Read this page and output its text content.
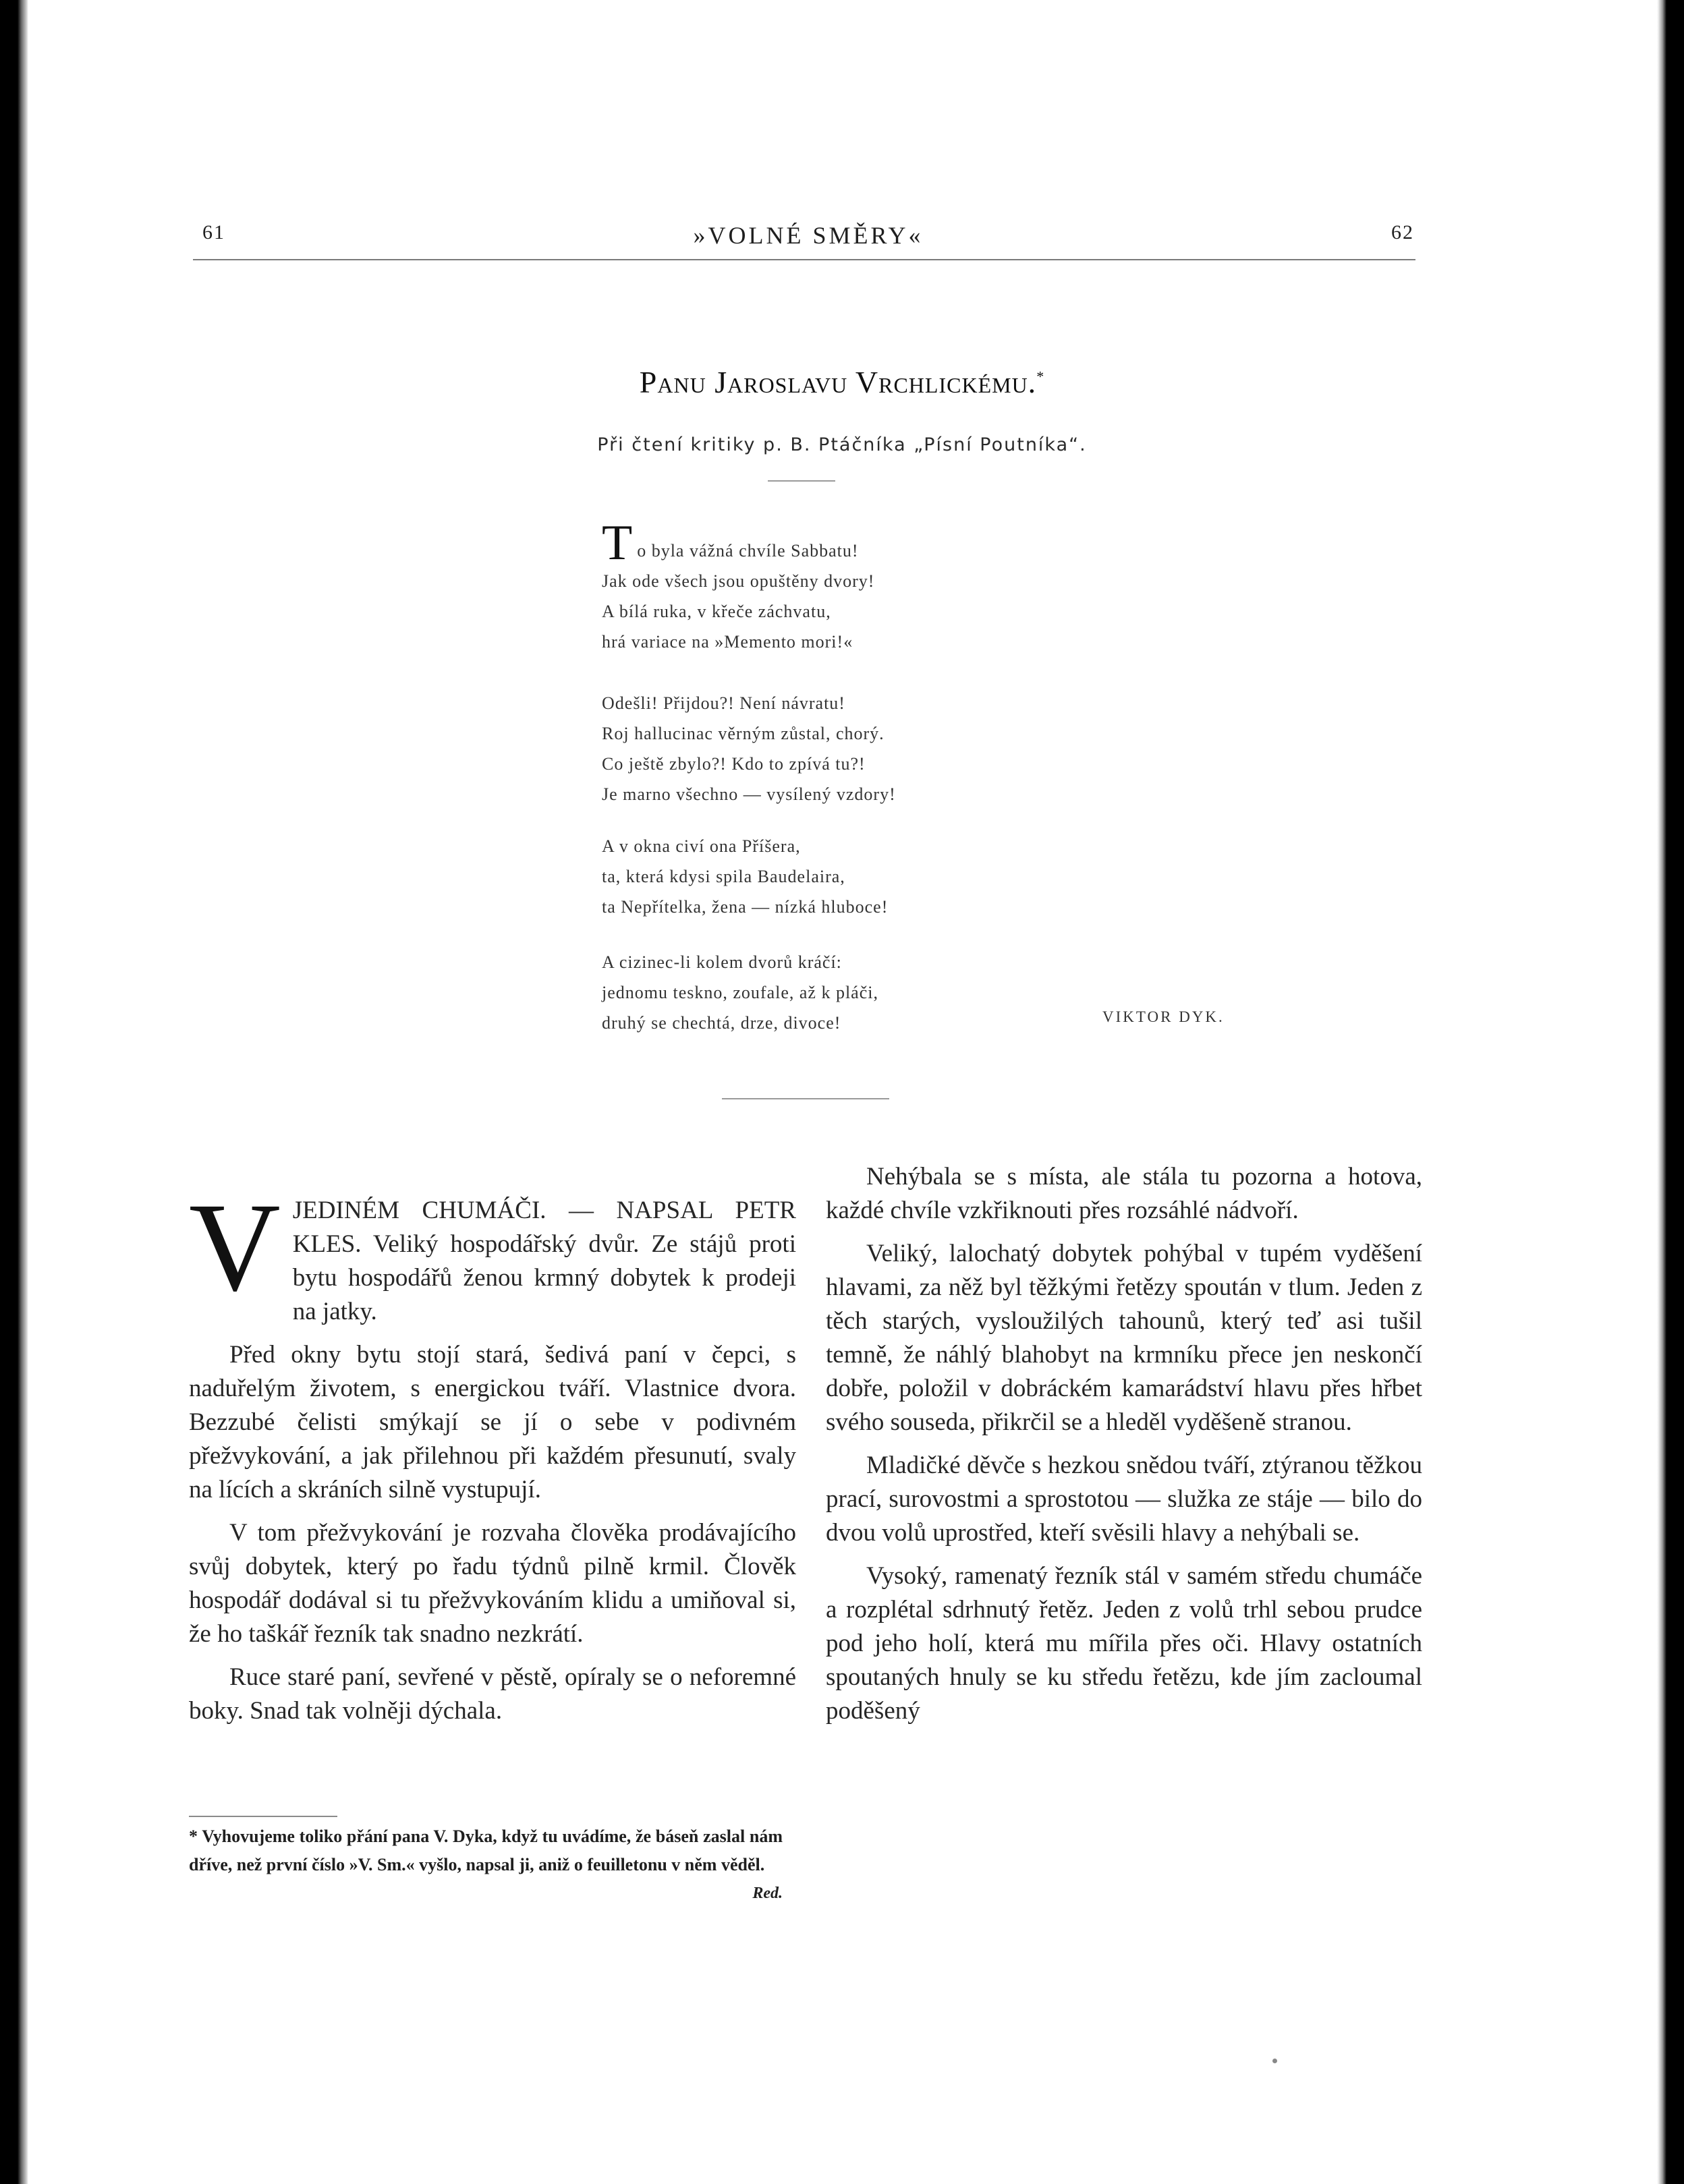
61	»VOLNÉ SMĚRY«	62
Panu Jaroslavu Vrchlickému.*
Při čtení kritiky p. B. Ptáčníka „Písní Poutníka“.
To byla vážná chvíle Sabbatu!
Jak ode všech jsou opuštěny dvory!
A bílá ruka, v křeče záchvatu,
hrá variace na »Memento mori!«
Odešli! Přijdou?! Není návratu!
Roj hallucinac věrným zůstal, chorý.
Co ještě zbylo?! Kdo to zpívá tu?!
Je marno všechno — vysílený vzdory!
A v okna civí ona Příšera,
ta, která kdysi spila Baudelaira,
ta Nepřítelka, žena — nízká hluboce!
A cizinec-li kolem dvorů kráčí:
jednomu teskno, zoufale, až k pláči,
druhý se chechtá, drze, divoce!	VIKTOR DYK.

VJEDINÉM CHUMÁČI. — NAPSAL PETR KLES. Veliký hospodářský dvůr. Ze stájů proti bytu hospodářů ženou krmný dobytek k prodeji na jatky.

Před okny bytu stojí stará, šedivá paní v čepci, s naduřelým životem, s energickou tváří. Vlastnice dvora. Bezzubé čelisti smýkají se jí o sebe v podivném přežvykování, a jak přilehnou při každém přesunutí, svaly na lících a skráních silně vystupují.

V tom přežvykování je rozvaha člověka prodávajícího svůj dobytek, který po řadu týdnů pilně krmil. Člověk hospodář dodával si tu přežvykováním klidu a umiňoval si, že ho taškář řezník tak snadno nezkrátí.

Ruce staré paní, sevřené v pěstě, opíraly se o neforemné boky. Snad tak volněji dýchala.

Nehýbala se s místa, ale stála tu pozorna a hotova, každé chvíle vzkřiknouti přes rozsáhlé nádvoří.

Veliký, lalochatý dobytek pohýbal v tupém vyděšení hlavami, za něž byl těžkými řetězy spoután v tlum. Jeden z těch starých, vysloužilých tahounů, který teď asi tušil temně, že náhlý blahobyt na krmníku přece jen neskončí dobře, položil v dobráckém kamarádství hlavu přes hřbet svého souseda, přikrčil se a hleděl vyděšeně stranou.

Mladičké děvče s hezkou snědou tváří, ztýranou těžkou prací, surovostmi a sprostotou — služka ze stáje — bilo do dvou volů uprostřed, kteří svěsili hlavy a nehýbali se.

Vysoký, ramenatý řezník stál v samém středu chumáče a rozplétal sdrhnutý řetěz. Jeden z volů trhl sebou prudce pod jeho holí, která mu mířila přes oči. Hlavy ostatních spoutaných hnuly se ku středu řetězu, kde jím zacloumal poděšený

* Vyhovujeme toliko přání pana V. Dyka, když tu uvádíme, že báseň zaslal nám dříve, než první číslo »V. Sm.« vyšlo, napsal ji, aniž o feuilletonu v něm věděl.
Red.
